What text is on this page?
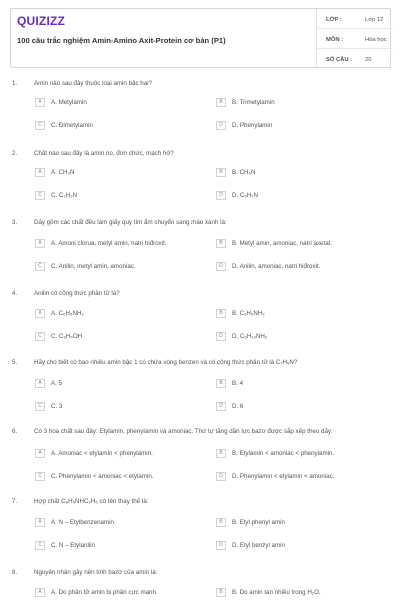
QUIZIZZ
100 câu trắc nghiệm Amin-Amino Axit-Protein cơ bản (P1)
LỚP :	Lớp 12
MÔN :	Hóa học
SỐ CÂU : 20
1.	Amin nào sau đây thuộc loại amin bậc hai?
A	A. Metylamin	B	B. Trimetylamin
C	C. Đimetylamin	D	D. Phenylamin
2.	Chất nào sau đây là amin no, đơn chức, mạch hở?
A	A. CH₃N	B	B. CH₅N
C	C. C₂H₂N	D	D. C₆H₇N
3.	Dãy gồm các chất đều làm giấy quỳ tím ẩm chuyển sang màu xanh là:
A	A. Amoni clorua, metyl amin, natri hiđroxit.	B	B. Metyl amin, amoniac, natri axetat.
C	C. Anilin, metyl amin, amoniac.	D	D. Anilin, amoniac, natri hiđroxit.
4.	Anilin có công thức phân tử là?
A	A. C₆H₅NH₂	B	B. C₂H₅NH₂
C	C. C₆H₅OH	D	D. C₆H₁₃NH₂
5.	Hãy cho biết có bao nhiêu amin bậc 1 có chứa vòng benzen và có công thức phân tử là C₇H₉N?
A	A. 5	B	B. 4
C	C. 3	D	D. 6
6.	Có 3 hóa chất sau đây: Etylamin, phenylamin và amoniac. Thứ tự tăng dần lực bazơ được sắp xếp theo dãy:
A	A. Amoniac < etylamin < phenylamin.	B	B. Etylamin < amoniac < phenylamin.
C	C. Phenylamin < amoniac < etylamin.	D	D. Phenylamin < etylamin < amoniac.
7.	Hợp chất C₆H₅NHC₂H₅ có tên thay thế là:
A	A. N – Etylbenzenamin	B	B. Etyl phenyl amin
C	C. N – Etylanilin	D	D. Etyl benzyl amin
8.	Nguyên nhân gây nên tính bazơ của amin là:
A	A. Do phân tử amin bị phân cực mạnh.	B	B. Do amin tan nhiều trong H₂O.
